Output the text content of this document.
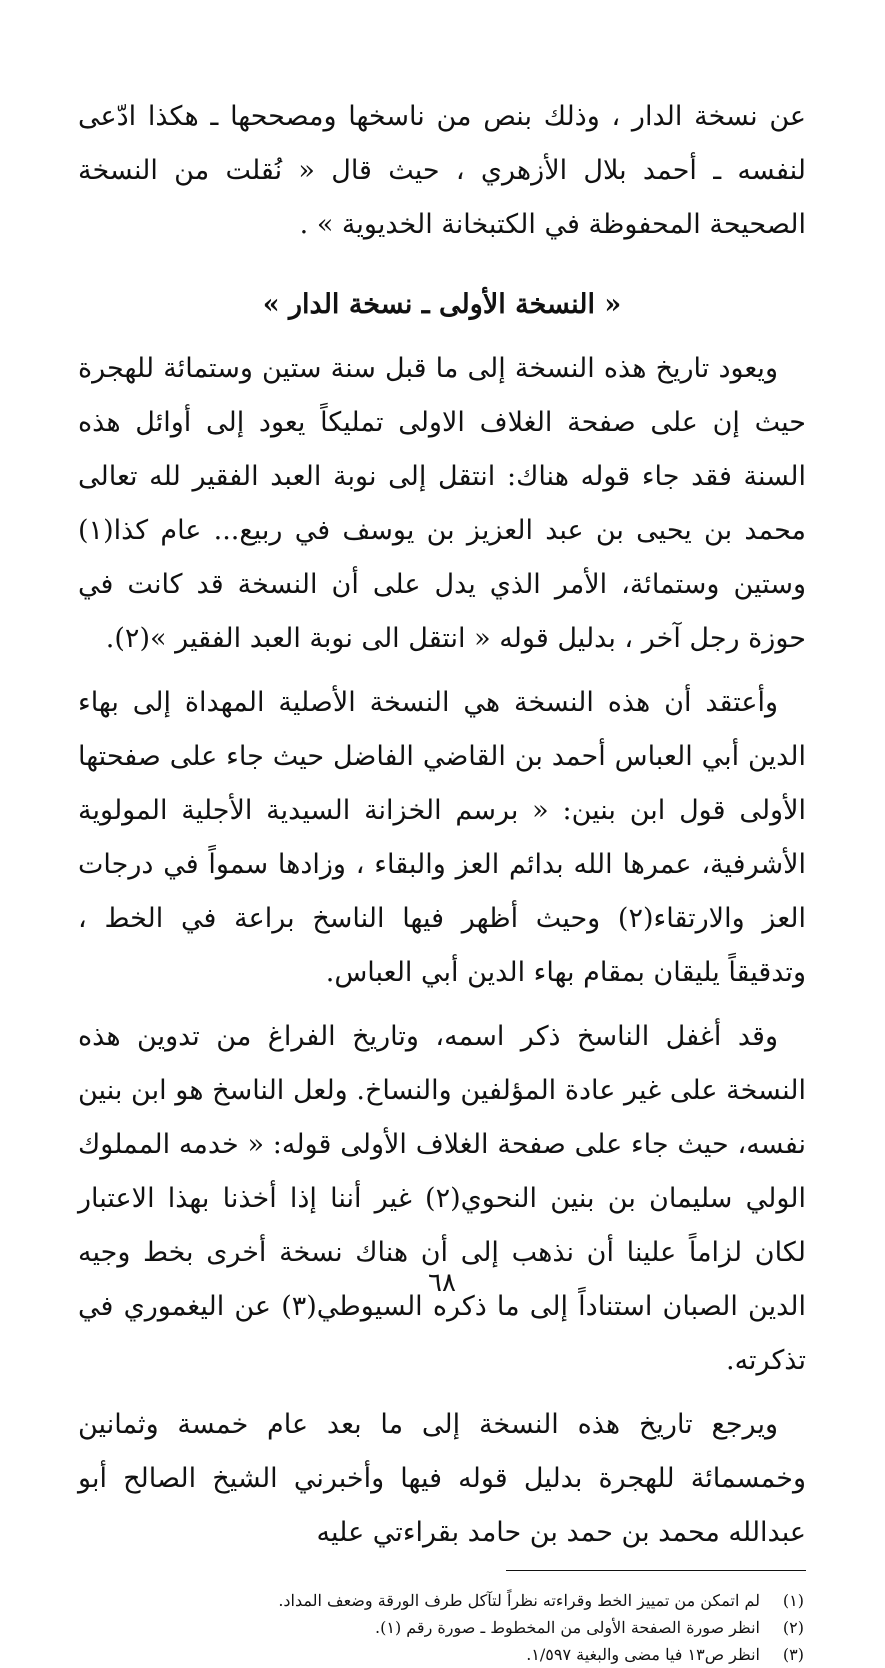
عن نسخة الدار ، وذلك بنص من ناسخها ومصححها ـ هكذا ادّعى لنفسه ـ أحمد بلال الأزهري ، حيث قال « نُقلت من النسخة الصحيحة المحفوظة في الكتبخانة الخديوية » .

« النسخة الأولى ـ نسخة الدار »

ويعود تاريخ هذه النسخة إلى ما قبل سنة ستين وستمائة للهجرة حيث إن على صفحة الغلاف الاولى تمليكاً يعود إلى أوائل هذه السنة فقد جاء قوله هناك: انتقل إلى نوبة العبد الفقير لله تعالى محمد بن يحيى بن عبد العزيز بن يوسف في ربيع... عام كذا(١) وستين وستمائة، الأمر الذي يدل على أن النسخة قد كانت في حوزة رجل آخر ، بدليل قوله « انتقل الى نوبة العبد الفقير »(٢).

وأعتقد أن هذه النسخة هي النسخة الأصلية المهداة إلى بهاء الدين أبي العباس أحمد بن القاضي الفاضل حيث جاء على صفحتها الأولى قول ابن بنين: « برسم الخزانة السيدية الأجلية المولوية الأشرفية، عمرها الله بدائم العز والبقاء ، وزادها سمواً في درجات العز والارتقاء(٢) وحيث أظهر فيها الناسخ براعة في الخط ، وتدقيقاً يليقان بمقام بهاء الدين أبي العباس.

وقد أغفل الناسخ ذكر اسمه، وتاريخ الفراغ من تدوين هذه النسخة على غير عادة المؤلفين والنساخ. ولعل الناسخ هو ابن بنين نفسه، حيث جاء على صفحة الغلاف الأولى قوله: « خدمه المملوك الولي سليمان بن بنين النحوي(٢) غير أننا إذا أخذنا بهذا الاعتبار لكان لزاماً علينا أن نذهب إلى أن هناك نسخة أخرى بخط وجيه الدين الصبان استناداً إلى ما ذكره السيوطي(٣) عن اليغموري في تذكرته.

ويرجع تاريخ هذه النسخة إلى ما بعد عام خمسة وثمانين وخمسمائة للهجرة بدليل قوله فيها وأخبرني الشيخ الصالح أبو عبدالله محمد بن حمد بن حامد بقراءتي عليه

(١)
لم اتمكن من تمييز الخط وقراءته نظراً لتآكل طرف الورقة وضعف المداد.
(٢)
انظر صورة الصفحة الأولى من المخطوط ـ صورة رقم (١).
(٣)
انظر ص١٣ فيا مضى والبغية ١/٥٩٧.
٦٨
